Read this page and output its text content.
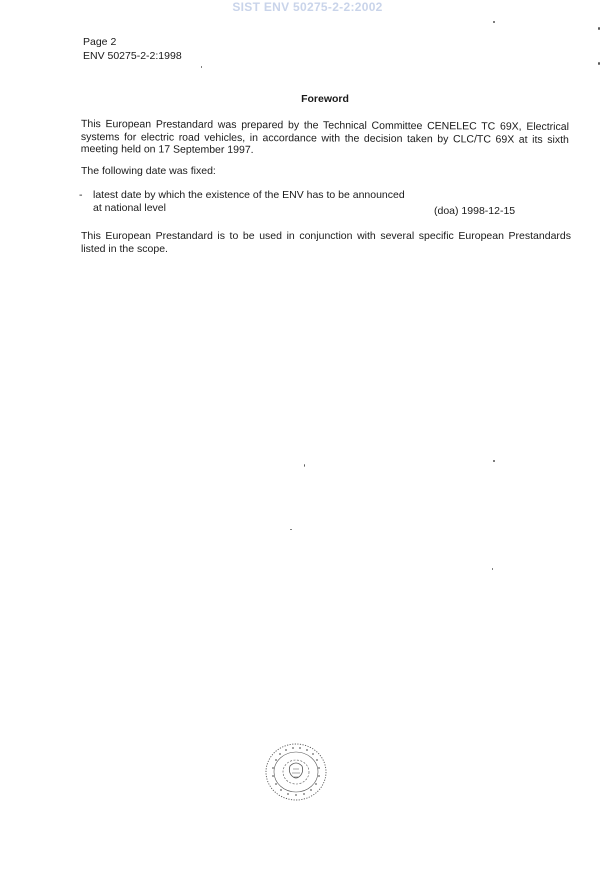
SIST ENV 50275-2-2:2002
Page 2
ENV 50275-2-2:1998
Foreword
This European Prestandard was prepared by the Technical Committee CENELEC TC 69X, Electrical systems for electric road vehicles, in accordance with the decision taken by CLC/TC 69X at its sixth meeting held on 17 September 1997.
The following date was fixed:
- latest date by which the existence of the ENV has to be announced at national level	(doa) 1998-12-15
This European Prestandard is to be used in conjunction with several specific European Prestandards listed in the scope.
